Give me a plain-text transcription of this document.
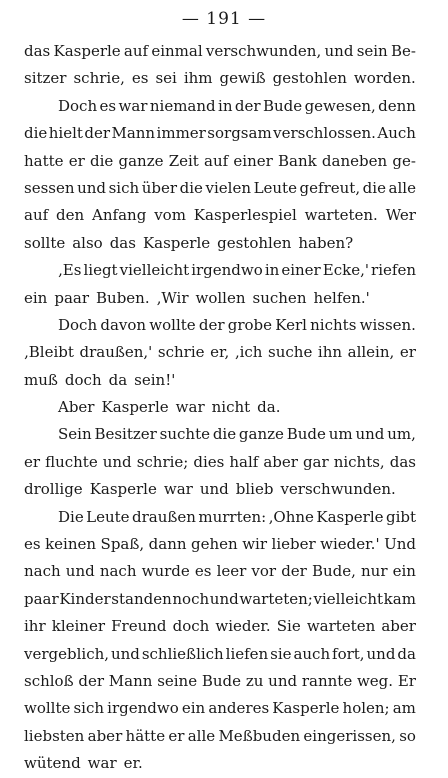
— 191 —
das Kasperle auf einmal verschwunden, und sein Be-
sitzer schrie, es sei ihm gewiß gestohlen worden.
Doch es war niemand in der Bude gewesen, denn
die hielt der Mann immer sorgsam verschlossen. Auch
hatte er die ganze Zeit auf einer Bank daneben ge-
sessen und sich über die vielen Leute gefreut, die alle
auf den Anfang vom Kasperlespiel warteten. Wer
sollte also das Kasperle gestohlen haben?
‚Es liegt vielleicht irgendwo in einer Ecke,' riefen
ein paar Buben. ‚Wir wollen suchen helfen.'
Doch davon wollte der grobe Kerl nichts wissen.
‚Bleibt draußen,' schrie er, ‚ich suche ihn allein, er
muß doch da sein!'
Aber Kasperle war nicht da.
Sein Besitzer suchte die ganze Bude um und um,
er fluchte und schrie; dies half aber gar nichts, das
drollige Kasperle war und blieb verschwunden.
Die Leute draußen murrten: ‚Ohne Kasperle gibt
es keinen Spaß, dann gehen wir lieber wieder.' Und
nach und nach wurde es leer vor der Bude, nur ein
paar Kinder standen noch und warteten; vielleicht kam
ihr kleiner Freund doch wieder. Sie warteten aber
vergeblich, und schließlich liefen sie auch fort, und da
schloß der Mann seine Bude zu und rannte weg. Er
wollte sich irgendwo ein anderes Kasperle holen; am
liebsten aber hätte er alle Meßbuden eingerissen, so
wütend war er.
